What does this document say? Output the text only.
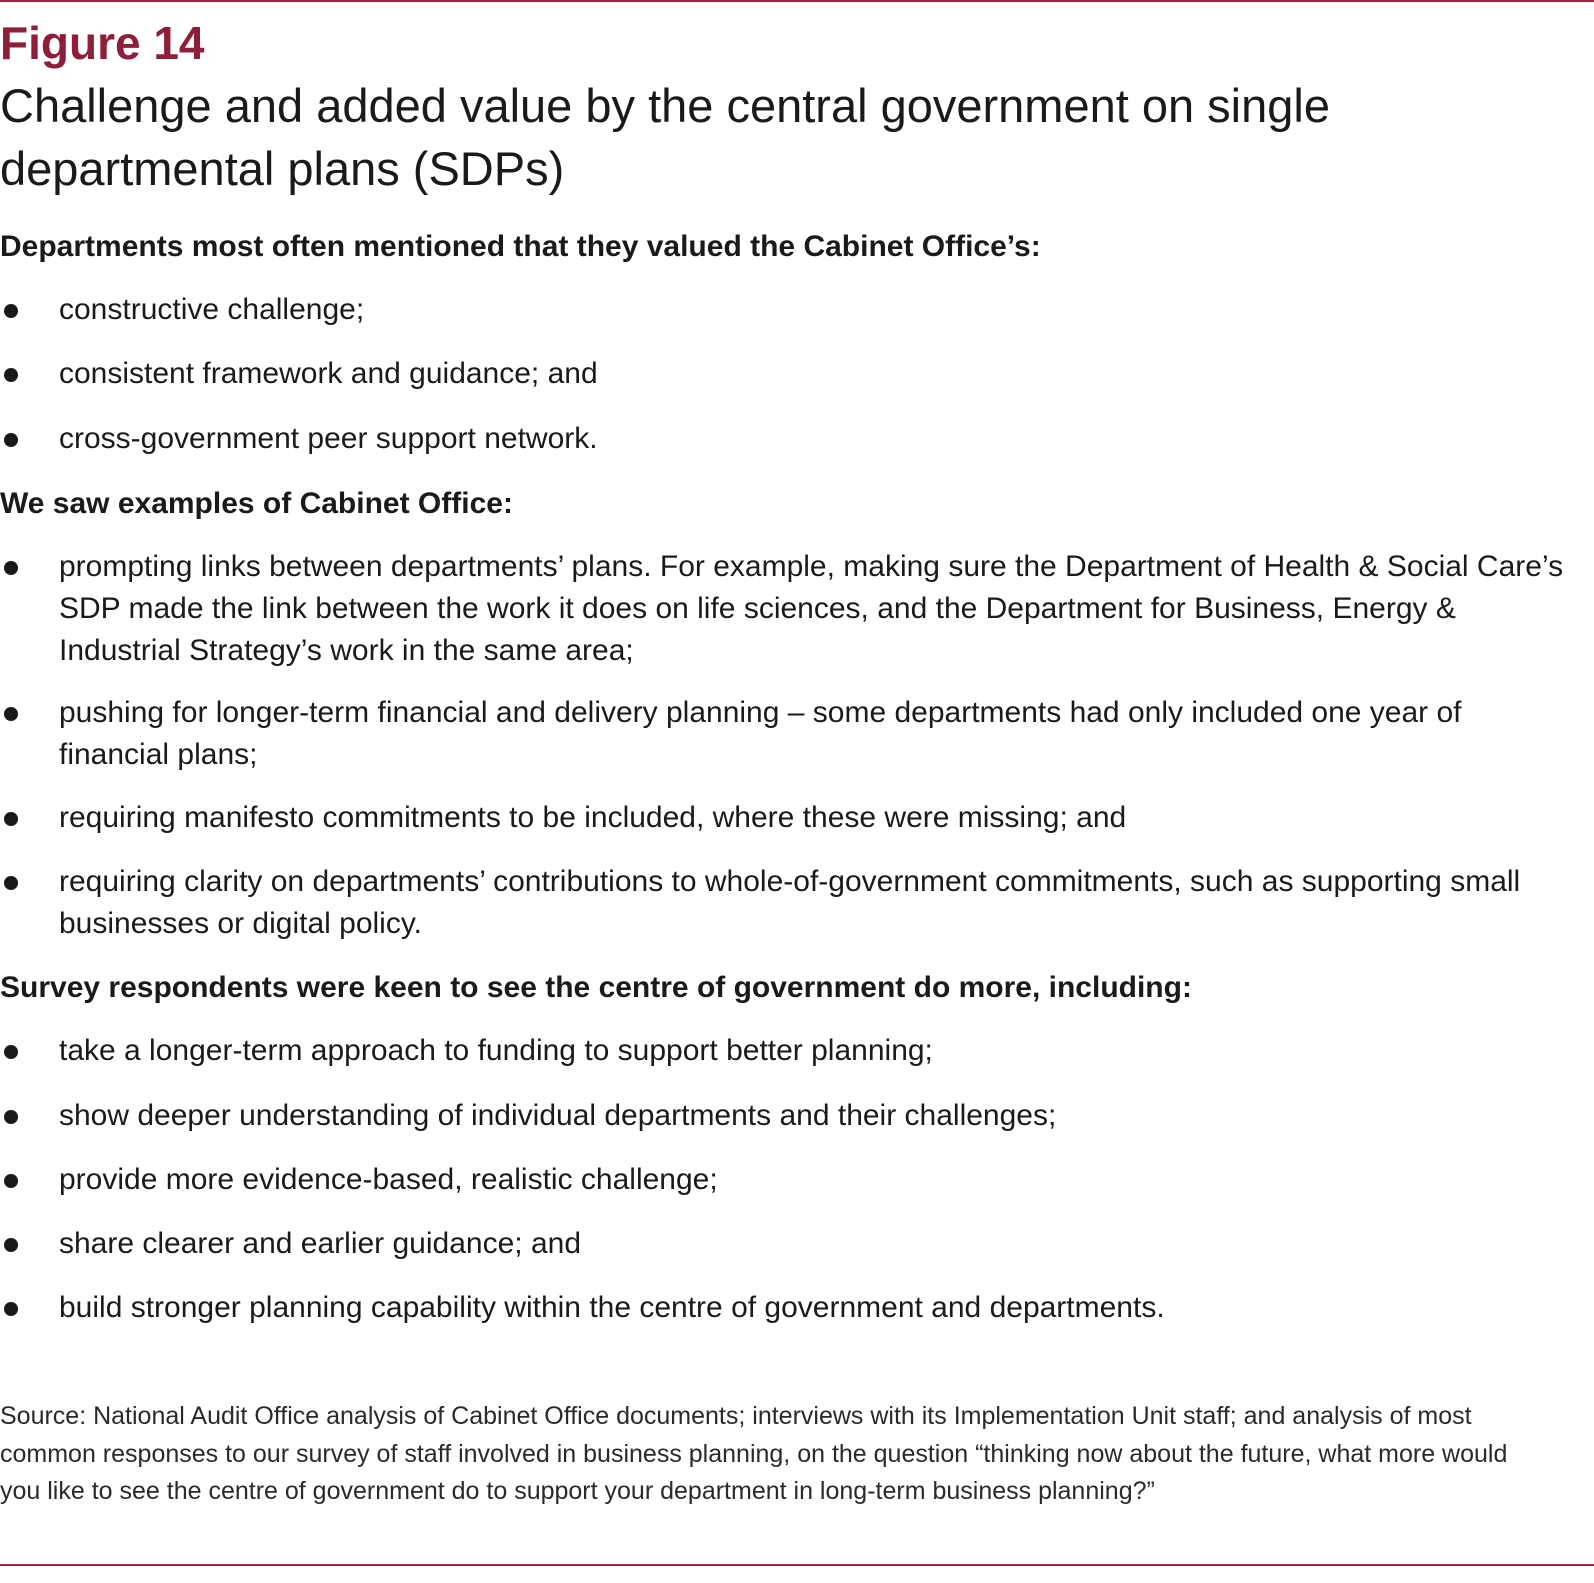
Figure 14
Challenge and added value by the central government on single departmental plans (SDPs)
Departments most often mentioned that they valued the Cabinet Office’s:
constructive challenge;
consistent framework and guidance; and
cross-government peer support network.
We saw examples of Cabinet Office:
prompting links between departments’ plans. For example, making sure the Department of Health & Social Care’s SDP made the link between the work it does on life sciences, and the Department for Business, Energy & Industrial Strategy’s work in the same area;
pushing for longer-term financial and delivery planning – some departments had only included one year of financial plans;
requiring manifesto commitments to be included, where these were missing; and
requiring clarity on departments’ contributions to whole-of-government commitments, such as supporting small businesses or digital policy.
Survey respondents were keen to see the centre of government do more, including:
take a longer-term approach to funding to support better planning;
show deeper understanding of individual departments and their challenges;
provide more evidence-based, realistic challenge;
share clearer and earlier guidance; and
build stronger planning capability within the centre of government and departments.

Source: National Audit Office analysis of Cabinet Office documents; interviews with its Implementation Unit staff; and analysis of most common responses to our survey of staff involved in business planning, on the question “thinking now about the future, what more would you like to see the centre of government do to support your department in long-term business planning?”
